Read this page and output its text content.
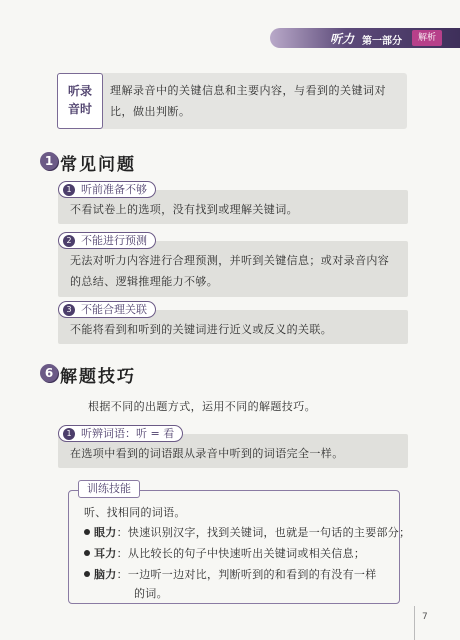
听力 第一部分	解析
听录
音时
理解录音中的关键信息和主要内容，与看到的关键词对比，做出判断。
1 常见问题
1 听前准备不够
不看试卷上的选项，没有找到或理解关键词。
2 不能进行预测
无法对听力内容进行合理预测，并听到关键信息；或对录音内容的总结、逻辑推理能力不够。
3 不能合理关联
不能将看到和听到的关键词进行近义或反义的关联。
6 解题技巧
根据不同的出题方式，运用不同的解题技巧。
1 听辨词语：听 = 看
在选项中看到的词语跟从录音中听到的词语完全一样。
训练技能
听、找相同的词语。
眼力：快速识别汉字，找到关键词，也就是一句话的主要部分；
耳力：从比较长的句子中快速听出关键词或相关信息；
脑力：一边听一边对比，判断听到的和看到的有没有一样
的词。
7
